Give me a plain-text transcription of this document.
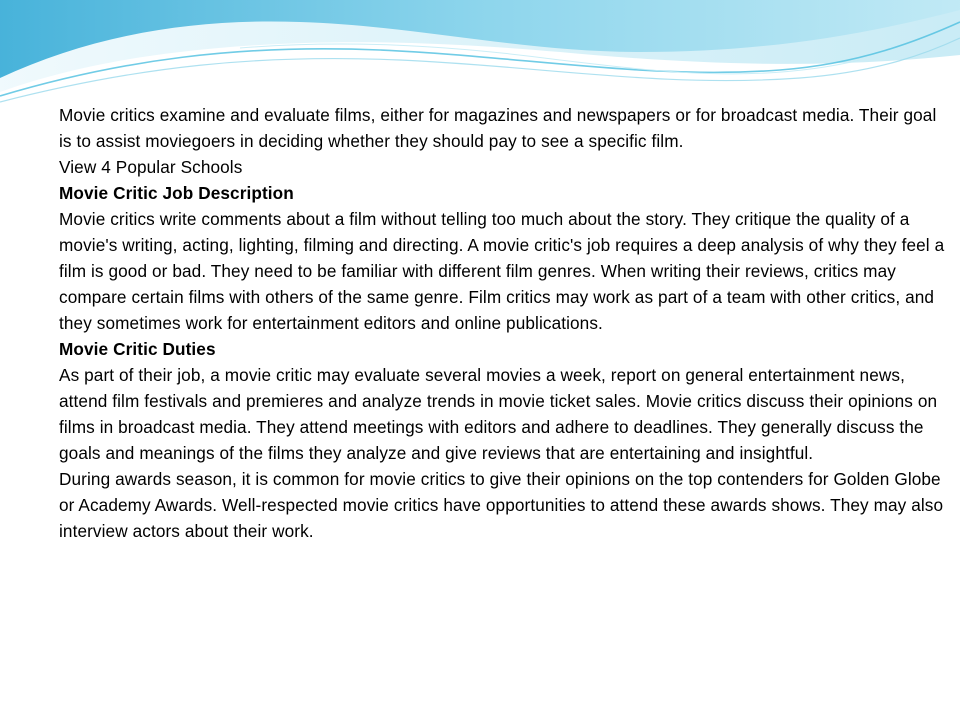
Movie critics examine and evaluate films, either for magazines and newspapers or for broadcast media. Their goal is to assist moviegoers in deciding whether they should pay to see a specific film.

View 4 Popular Schools

Movie Critic Job Description

Movie critics write comments about a film without telling too much about the story. They critique the quality of a movie's writing, acting, lighting, filming and directing. A movie critic's job requires a deep analysis of why they feel a film is good or bad. They need to be familiar with different film genres. When writing their reviews, critics may compare certain films with others of the same genre. Film critics may work as part of a team with other critics, and they sometimes work for entertainment editors and online publications.

Movie Critic Duties

As part of their job, a movie critic may evaluate several movies a week, report on general entertainment news, attend film festivals and premieres and analyze trends in movie ticket sales. Movie critics discuss their opinions on films in broadcast media. They attend meetings with editors and adhere to deadlines. They generally discuss the goals and meanings of the films they analyze and give reviews that are entertaining and insightful.

During awards season, it is common for movie critics to give their opinions on the top contenders for Golden Globe or Academy Awards. Well-respected movie critics have opportunities to attend these awards shows. They may also interview actors about their work.
